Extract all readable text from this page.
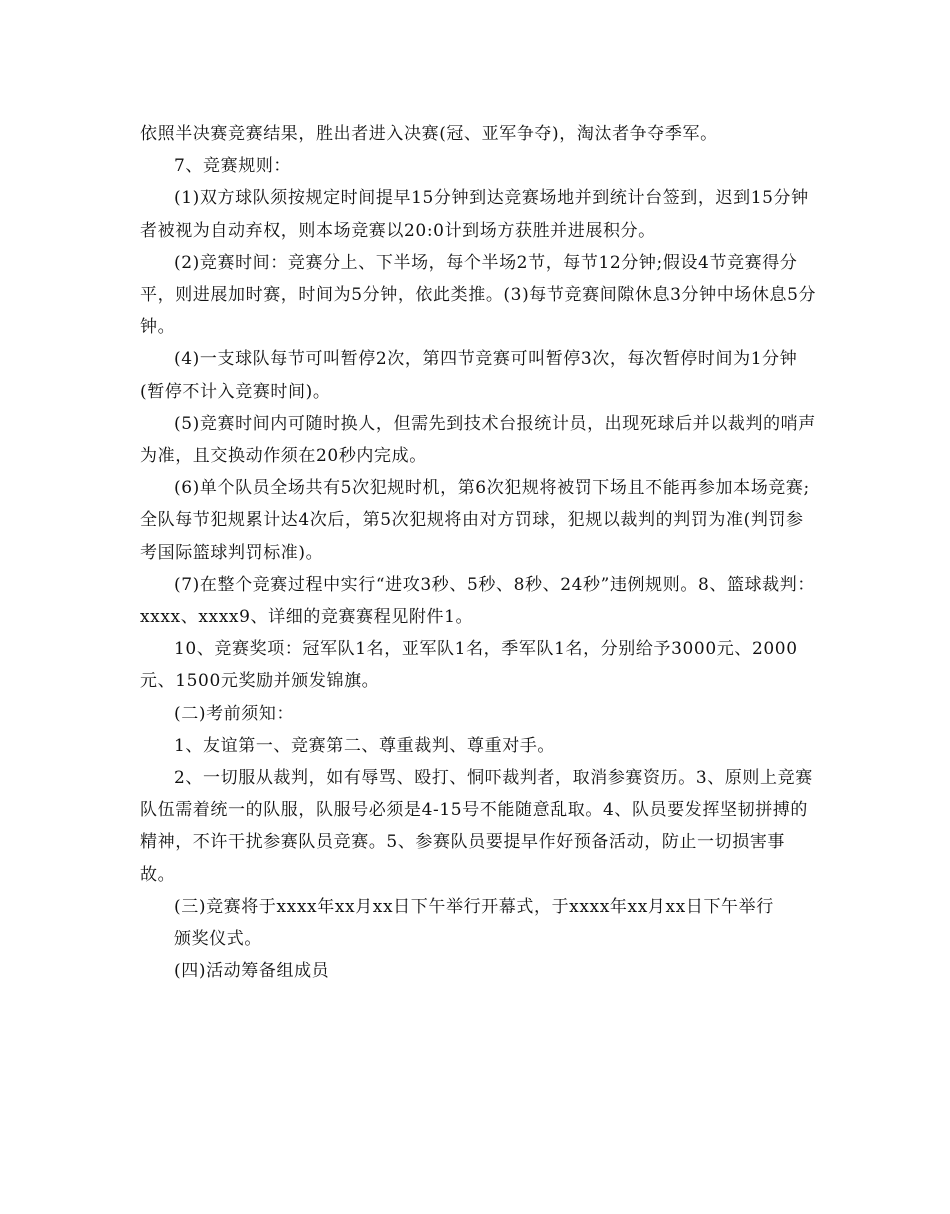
依照半决赛竞赛结果，胜出者进入决赛(冠、亚军争夺)，淘汰者争夺季军。

7、竞赛规则：

(1)双方球队须按规定时间提早15分钟到达竞赛场地并到统计台签到，迟到15分钟者被视为自动弃权，则本场竞赛以20:0计到场方获胜并进展积分。

(2)竞赛时间：竞赛分上、下半场，每个半场2节，每节12分钟;假设4节竞赛得分平，则进展加时赛，时间为5分钟，依此类推。(3)每节竞赛间隙休息3分钟中场休息5分钟。

(4)一支球队每节可叫暂停2次，第四节竞赛可叫暂停3次，每次暂停时间为1分钟(暂停不计入竞赛时间)。

(5)竞赛时间内可随时换人，但需先到技术台报统计员，出现死球后并以裁判的哨声为准，且交换动作须在20秒内完成。

(6)单个队员全场共有5次犯规时机，第6次犯规将被罚下场且不能再参加本场竞赛;全队每节犯规累计达4次后，第5次犯规将由对方罚球，犯规以裁判的判罚为准(判罚参考国际篮球判罚标准)。

(7)在整个竞赛过程中实行“进攻3秒、5秒、8秒、24秒”违例规则。8、篮球裁判：xxxx、xxxx9、详细的竞赛赛程见附件1。

10、竞赛奖项：冠军队1名，亚军队1名，季军队1名，分别给予3000元、2000元、1500元奖励并颁发锦旗。

(二)考前须知：

1、友谊第一、竞赛第二、尊重裁判、尊重对手。

2、一切服从裁判，如有辱骂、殴打、恫吓裁判者，取消参赛资历。3、原则上竞赛队伍需着统一的队服，队服号必须是4-15号不能随意乱取。4、队员要发挥坚韧拼搏的精神，不许干扰参赛队员竞赛。5、参赛队员要提早作好预备活动，防止一切损害事故。

(三)竞赛将于xxxx年xx月xx日下午举行开幕式，于xxxx年xx月xx日下午举行

颁奖仪式。

(四)活动筹备组成员
